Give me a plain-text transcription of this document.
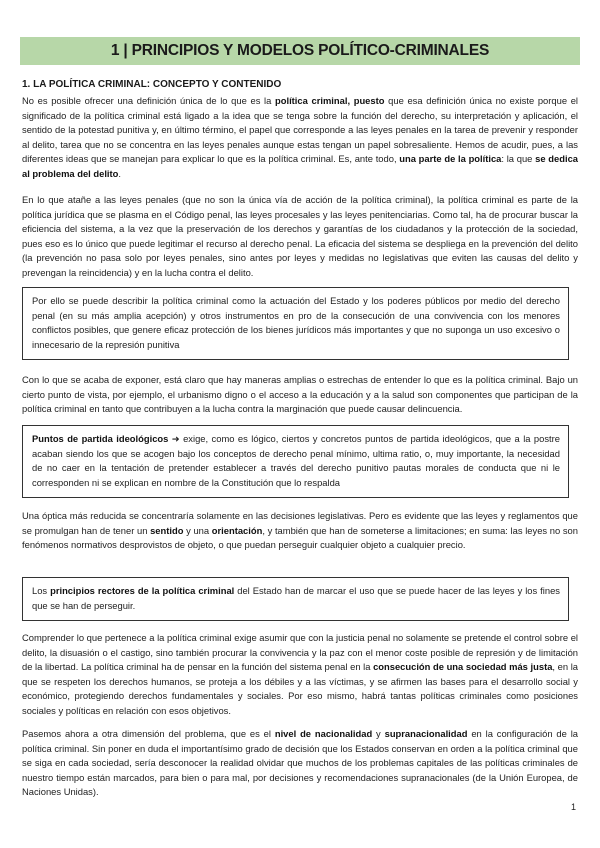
1 | PRINCIPIOS Y MODELOS POLÍTICO-CRIMINALES
1. LA POLÍTICA CRIMINAL: CONCEPTO Y CONTENIDO

No es posible ofrecer una definición única de lo que es la política criminal, puesto que esa definición única no existe porque el significado de la política criminal está ligado a la idea que se tenga sobre la función del derecho, su interpretación y aplicación, el sentido de la potestad punitiva y, en último término, el papel que corresponde a las leyes penales en la tarea de prevenir y responder al delito, tarea que no se concentra en las leyes penales aunque estas tengan un papel sobresaliente. Hemos de acudir, pues, a las diferentes ideas que se manejan para explicar lo que es la política criminal. Es, ante todo, una parte de la política: la que se dedica al problema del delito.

En lo que atañe a las leyes penales (que no son la única vía de acción de la política criminal), la política criminal es parte de la política jurídica que se plasma en el Código penal, las leyes procesales y las leyes penitenciarias. Como tal, ha de procurar buscar la eficiencia del sistema, a la vez que la preservación de los derechos y garantías de los ciudadanos y la protección de la sociedad, pues eso es lo único que puede legitimar el recurso al derecho penal. La eficacia del sistema se despliega en la prevención del delito (la prevención no pasa solo por leyes penales, sino antes por leyes y medidas no legislativas que eviten las causas del delito y prevengan la reincidencia) y en la lucha contra el delito.

Por ello se puede describir la política criminal como la actuación del Estado y los poderes públicos por medio del derecho penal (en su más amplia acepción) y otros instrumentos en pro de la consecución de una convivencia con los menores conflictos posibles, que genere eficaz protección de los bienes jurídicos más importantes y que no suponga un uso excesivo o innecesario de la represión punitiva

Con lo que se acaba de exponer, está claro que hay maneras amplias o estrechas de entender lo que es la política criminal. Bajo un cierto punto de vista, por ejemplo, el urbanismo digno o el acceso a la educación y a la salud son componentes que participan de la política criminal en tanto que contribuyen a la lucha contra la marginación que puede causar delincuencia.

Puntos de partida ideológicos ➜ exige, como es lógico, ciertos y concretos puntos de partida ideológicos, que a la postre acaban siendo los que se acogen bajo los conceptos de derecho penal mínimo, ultima ratio, o, muy importante, la necesidad de no caer en la tentación de pretender establecer a través del derecho punitivo pautas morales de conducta que ni le corresponden ni se explican en nombre de la Constitución que lo respalda

Una óptica más reducida se concentraría solamente en las decisiones legislativas. Pero es evidente que las leyes y reglamentos que se promulgan han de tener un sentido y una orientación, y también que han de someterse a limitaciones; en suma: las leyes no son fenómenos normativos desprovistos de objeto, o que puedan perseguir cualquier objeto a cualquier precio.

Los principios rectores de la política criminal del Estado han de marcar el uso que se puede hacer de las leyes y los fines que se han de perseguir.

Comprender lo que pertenece a la política criminal exige asumir que con la justicia penal no solamente se pretende el control sobre el delito, la disuasión o el castigo, sino también procurar la convivencia y la paz con el menor coste posible de represión y de limitación de la libertad. La política criminal ha de pensar en la función del sistema penal en la consecución de una sociedad más justa, en la que se respeten los derechos humanos, se proteja a los débiles y a las víctimas, y se afirmen las bases para el desarrollo social y económico, protegiendo derechos fundamentales y sociales. Por eso mismo, habrá tantas políticas criminales como posiciones sociales y políticas en relación con esos objetivos.

Pasemos ahora a otra dimensión del problema, que es el nivel de nacionalidad y supranacionalidad en la configuración de la política criminal. Sin poner en duda el importantísimo grado de decisión que los Estados conservan en orden a la política criminal que se siga en cada sociedad, sería desconocer la realidad olvidar que muchos de los problemas capitales de las políticas criminales de nuestro tiempo están marcados, para bien o para mal, por decisiones y recomendaciones supranacionales (de la Unión Europea, de Naciones Unidas).

1
